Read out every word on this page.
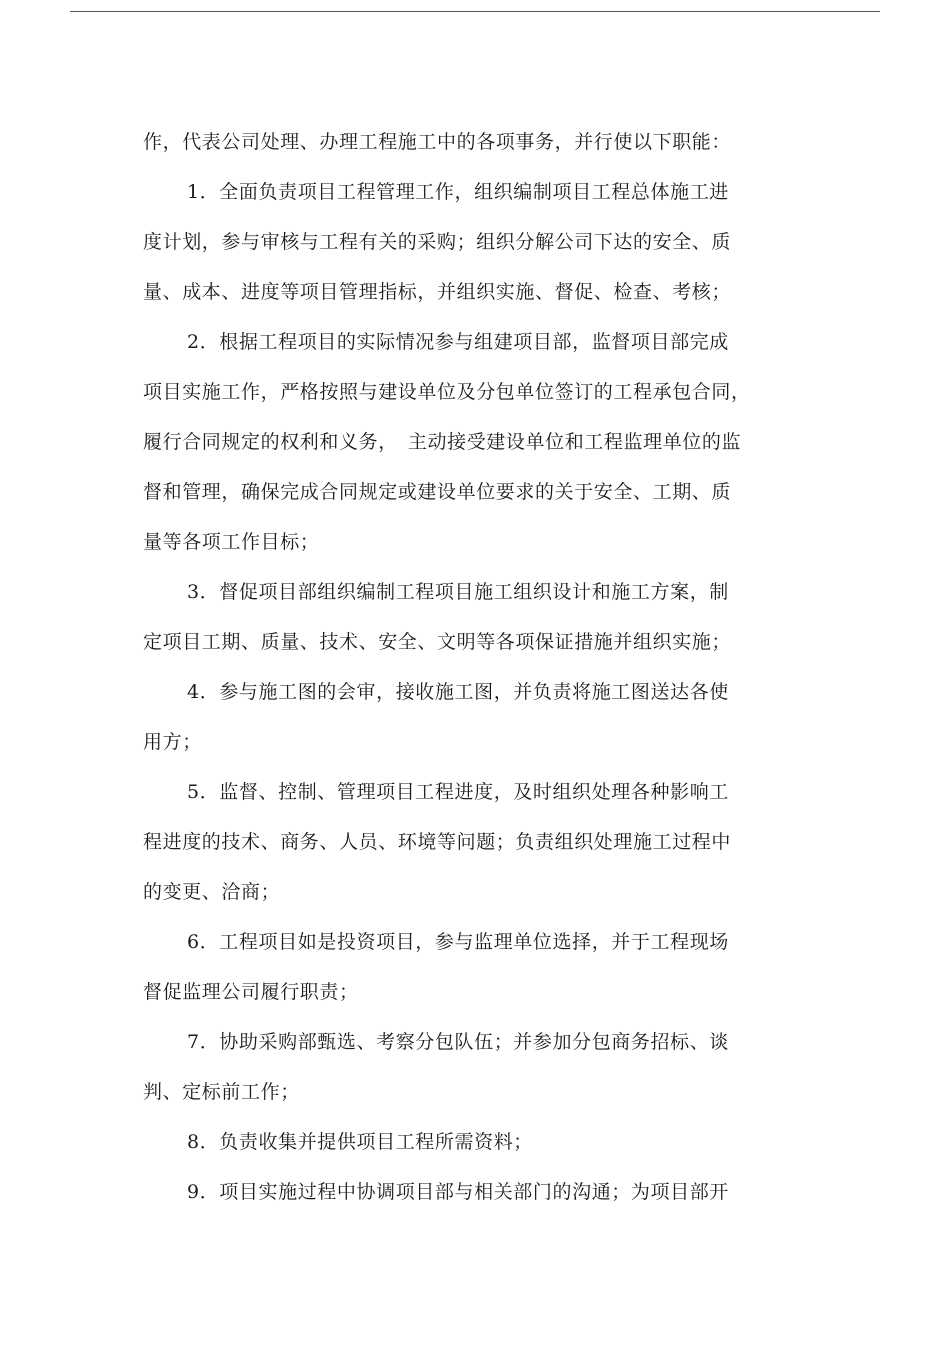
作，代表公司处理、办理工程施工中的各项事务，并行使以下职能：
1．全面负责项目工程管理工作，组织编制项目工程总体施工进
度计划，参与审核与工程有关的采购；组织分解公司下达的安全、质
量、成本、进度等项目管理指标，并组织实施、督促、检查、考核；
2．根据工程项目的实际情况参与组建项目部，监督项目部完成
项目实施工作，严格按照与建设单位及分包单位签订的工程承包合同，
履行合同规定的权利和义务，　主动接受建设单位和工程监理单位的监
督和管理，确保完成合同规定或建设单位要求的关于安全、工期、质
量等各项工作目标；
3．督促项目部组织编制工程项目施工组织设计和施工方案，制
定项目工期、质量、技术、安全、文明等各项保证措施并组织实施；
4．参与施工图的会审，接收施工图，并负责将施工图送达各使
用方；
5．监督、控制、管理项目工程进度，及时组织处理各种影响工
程进度的技术、商务、人员、环境等问题；负责组织处理施工过程中
的变更、洽商；
6．工程项目如是投资项目，参与监理单位选择，并于工程现场
督促监理公司履行职责；
7．协助采购部甄选、考察分包队伍；并参加分包商务招标、谈
判、定标前工作；
8．负责收集并提供项目工程所需资料；
9．项目实施过程中协调项目部与相关部门的沟通；为项目部开
